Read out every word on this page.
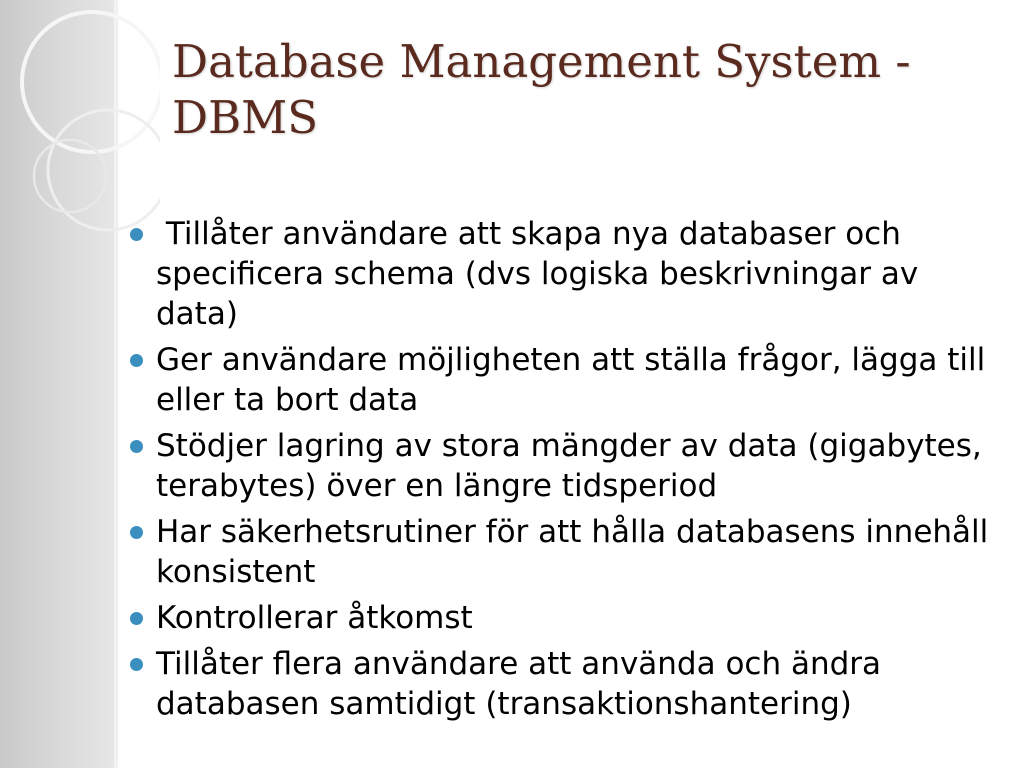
Database Management System - DBMS
Tillåter användare att skapa nya databaser och specificera schema (dvs logiska beskrivningar av data)
Ger användare möjligheten att ställa frågor, lägga till eller ta bort data
Stödjer lagring av stora mängder av data (gigabytes, terabytes) över en längre tidsperiod
Har säkerhetsrutiner för att hålla databasens innehåll konsistent
Kontrollerar åtkomst
Tillåter flera användare att använda och ändra databasen samtidigt (transaktionshantering)
